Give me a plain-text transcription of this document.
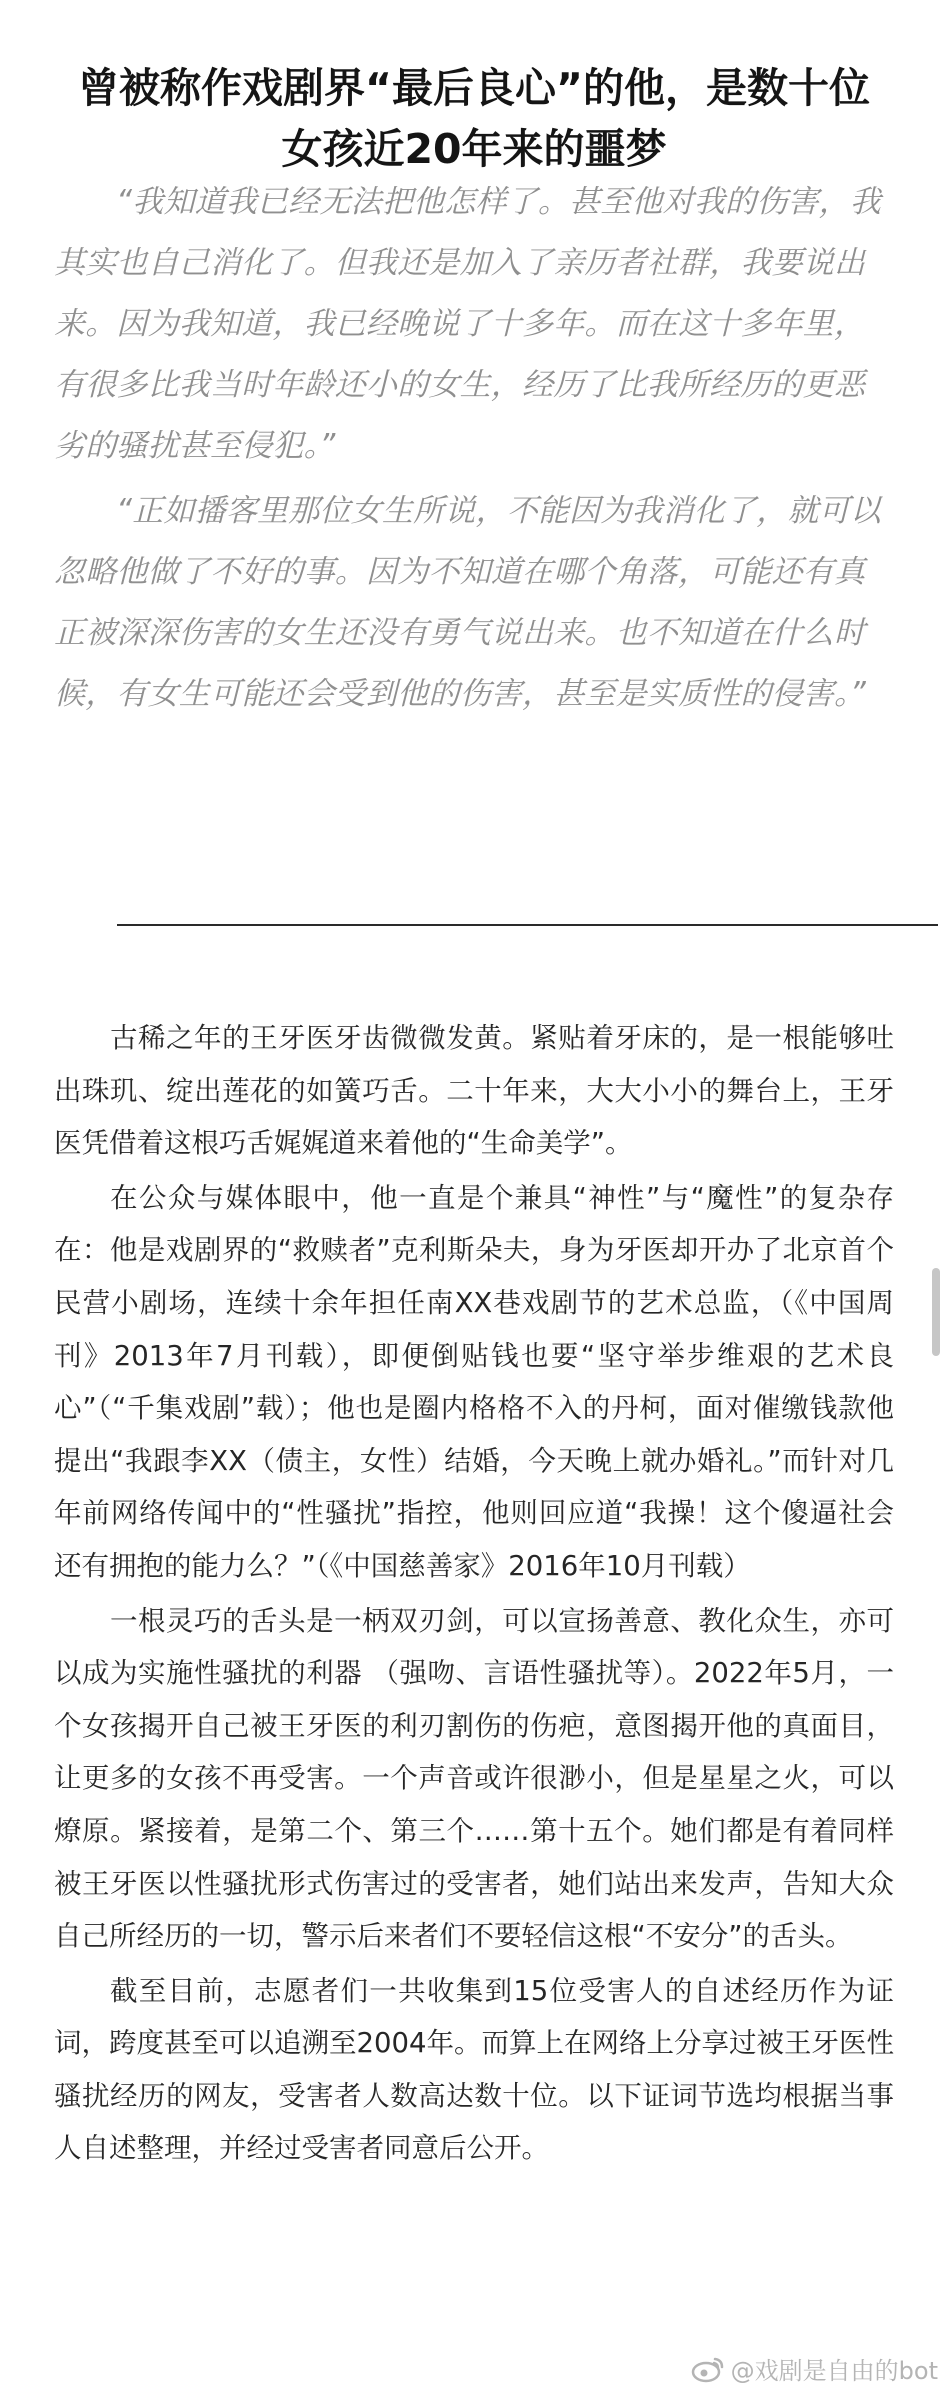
曾被称作戏剧界“最后良心”的他，是数十位
女孩近20年来的噩梦

“我知道我已经无法把他怎样了。甚至他对我的伤害，我其实也自己消化了。但我还是加入了亲历者社群，我要说出来。因为我知道，我已经晚说了十多年。而在这十多年里，有很多比我当时年龄还小的女生，经历了比我所经历的更恶劣的骚扰甚至侵犯。”

“正如播客里那位女生所说，不能因为我消化了，就可以忽略他做了不好的事。因为不知道在哪个角落，可能还有真正被深深伤害的女生还没有勇气说出来。也不知道在什么时候，有女生可能还会受到他的伤害，甚至是实质性的侵害。”

古稀之年的王牙医牙齿微微发黄。紧贴着牙床的，是一根能够吐出珠玑、绽出莲花的如簧巧舌。二十年来，大大小小的舞台上，王牙医凭借着这根巧舌娓娓道来着他的“生命美学”。

在公众与媒体眼中，他一直是个兼具“神性”与“魔性”的复杂存在：他是戏剧界的“救赎者”克利斯朵夫，身为牙医却开办了北京首个民营小剧场，连续十余年担任南XX巷戏剧节的艺术总监，（《中国周刊》2013年7月刊载），即便倒贴钱也要“坚守举步维艰的艺术良心”（“千集戏剧”载）；他也是圈内格格不入的丹柯，面对催缴钱款他提出“我跟李XX（债主，女性）结婚，今天晚上就办婚礼。”而针对几年前网络传闻中的“性骚扰”指控，他则回应道“我操！这个傻逼社会还有拥抱的能力么？”（《中国慈善家》2016年10月刊载）

一根灵巧的舌头是一柄双刃剑，可以宣扬善意、教化众生，亦可以成为实施性骚扰的利器 （强吻、言语性骚扰等）。2022年5月，一个女孩揭开自己被王牙医的利刃割伤的伤疤，意图揭开他的真面目，让更多的女孩不再受害。一个声音或许很渺小，但是星星之火，可以燎原。紧接着，是第二个、第三个……第十五个。她们都是有着同样被王牙医以性骚扰形式伤害过的受害者，她们站出来发声，告知大众自己所经历的一切，警示后来者们不要轻信这根“不安分”的舌头。

截至目前，志愿者们一共收集到15位受害人的自述经历作为证词，跨度甚至可以追溯至2004年。而算上在网络上分享过被王牙医性骚扰经历的网友，受害者人数高达数十位。以下证词节选均根据当事人自述整理，并经过受害者同意后公开。

@戏剧是自由的bot
